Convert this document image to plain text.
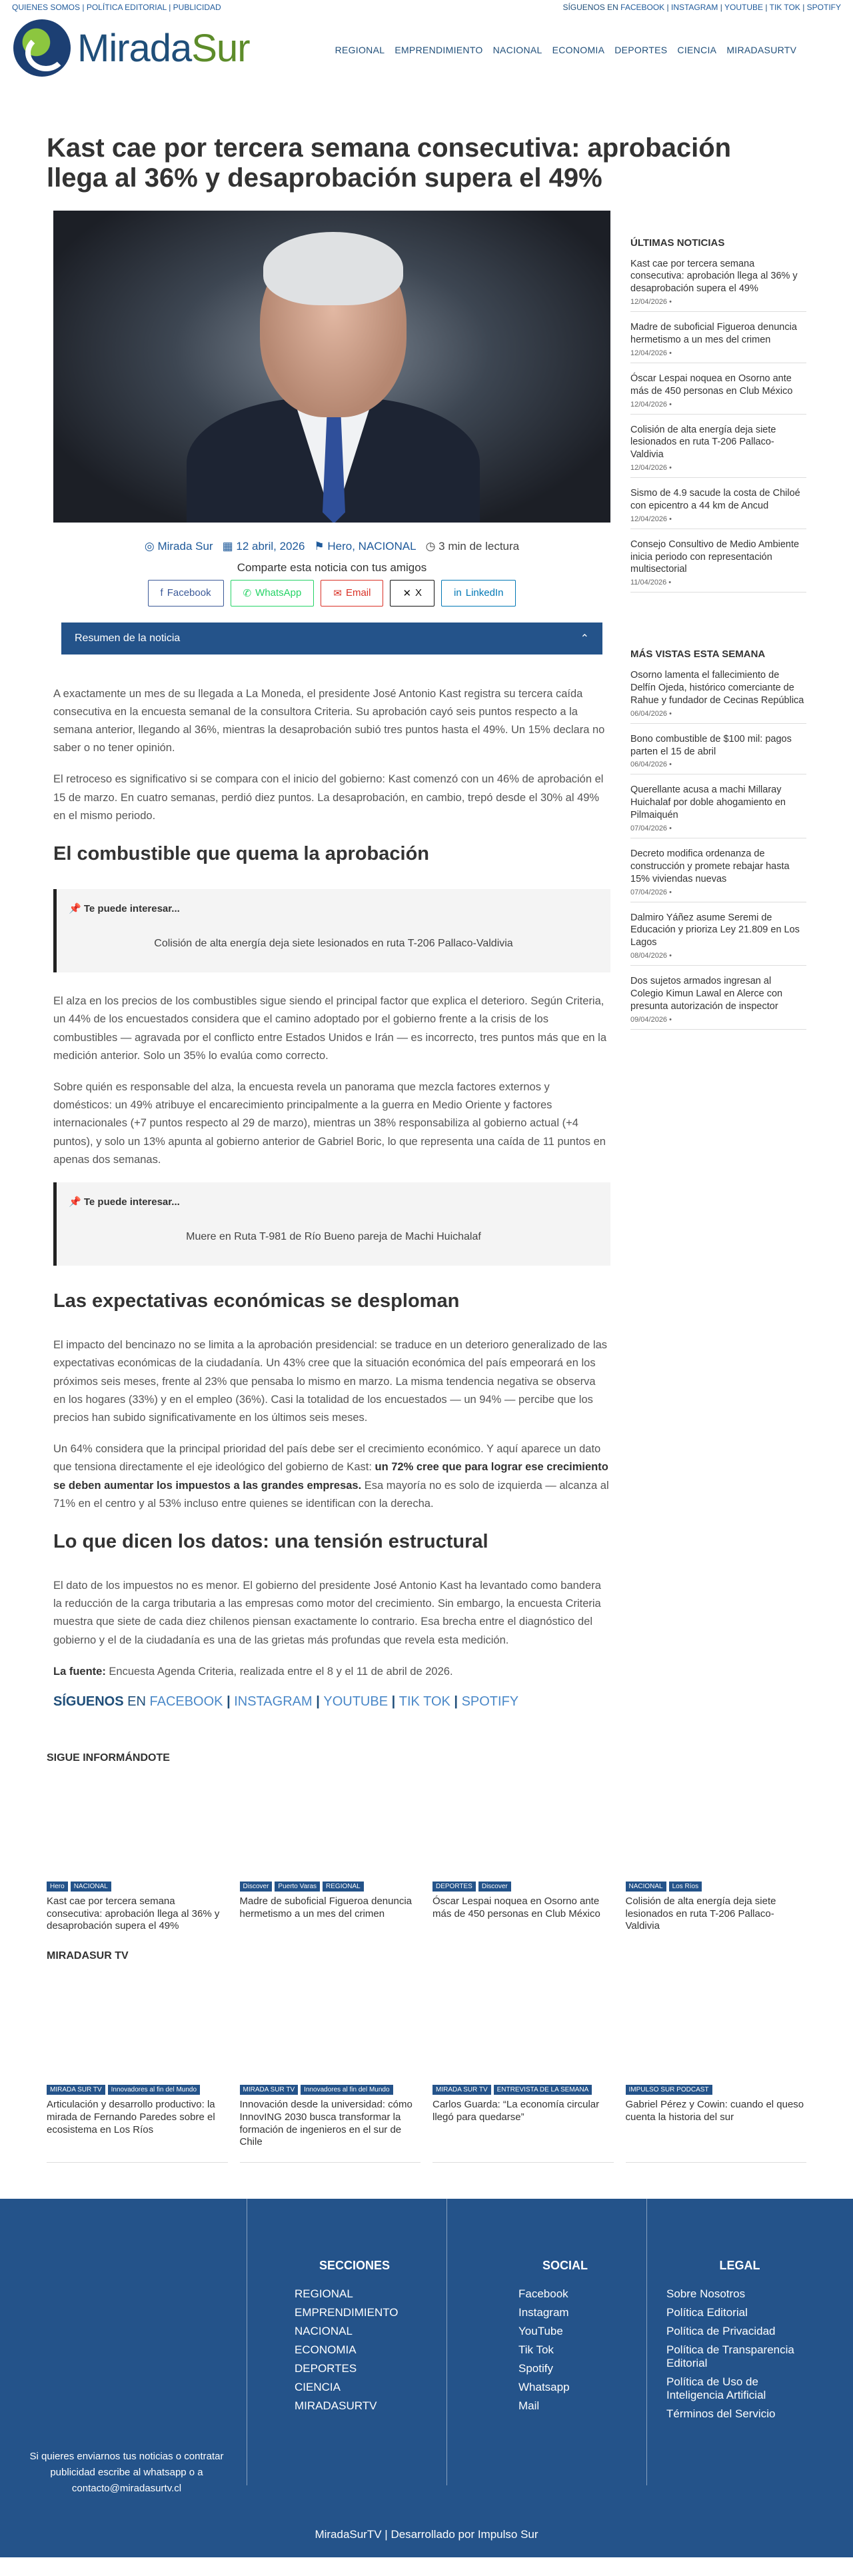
QUIENES SOMOS | POLÍTICA EDITORIAL | PUBLICIDAD	SÍGUENOS EN FACEBOOK | INSTAGRAM | YOUTUBE | TIK TOK | SPOTIFY
MiradaSur	REGIONAL EMPRENDIMIENTO NACIONAL ECONOMIA DEPORTES CIENCIA MIRADASURTV
Kast cae por tercera semana consecutiva: aprobación llega al 36% y desaprobación supera el 49%
◎ Mirada Sur ▦ 12 abril, 2026 ⚑ Hero, NACIONAL ◷ 3 min de lectura
Comparte esta noticia con tus amigos
f Facebook	✆ WhatsApp	✉ Email	✕ X	in LinkedIn
Resumen de la noticia	⌃

A exactamente un mes de su llegada a La Moneda, el presidente José Antonio Kast registra su tercera caída consecutiva en la encuesta semanal de la consultora Criteria. Su aprobación cayó seis puntos respecto a la semana anterior, llegando al 36%, mientras la desaprobación subió tres puntos hasta el 49%. Un 15% declara no saber o no tener opinión.

El retroceso es significativo si se compara con el inicio del gobierno: Kast comenzó con un 46% de aprobación el 15 de marzo. En cuatro semanas, perdió diez puntos. La desaprobación, en cambio, trepó desde el 30% al 49% en el mismo periodo.

El combustible que quema la aprobación
📌 Te puede interesar...
Colisión de alta energía deja siete lesionados en ruta T-206 Pallaco-Valdivia

El alza en los precios de los combustibles sigue siendo el principal factor que explica el deterioro. Según Criteria, un 44% de los encuestados considera que el camino adoptado por el gobierno frente a la crisis de los combustibles — agravada por el conflicto entre Estados Unidos e Irán — es incorrecto, tres puntos más que en la medición anterior. Solo un 35% lo evalúa como correcto.

Sobre quién es responsable del alza, la encuesta revela un panorama que mezcla factores externos y domésticos: un 49% atribuye el encarecimiento principalmente a la guerra en Medio Oriente y factores internacionales (+7 puntos respecto al 29 de marzo), mientras un 38% responsabiliza al gobierno actual (+4 puntos), y solo un 13% apunta al gobierno anterior de Gabriel Boric, lo que representa una caída de 11 puntos en apenas dos semanas.

📌 Te puede interesar...
Muere en Ruta T-981 de Río Bueno pareja de Machi Huichalaf
Las expectativas económicas se desploman

El impacto del bencinazo no se limita a la aprobación presidencial: se traduce en un deterioro generalizado de las expectativas económicas de la ciudadanía. Un 43% cree que la situación económica del país empeorará en los próximos seis meses, frente al 23% que pensaba lo mismo en marzo. La misma tendencia negativa se observa en los hogares (33%) y en el empleo (36%). Casi la totalidad de los encuestados — un 94% — percibe que los precios han subido significativamente en los últimos seis meses.

Un 64% considera que la principal prioridad del país debe ser el crecimiento económico. Y aquí aparece un dato que tensiona directamente el eje ideológico del gobierno de Kast: un 72% cree que para lograr ese crecimiento se deben aumentar los impuestos a las grandes empresas. Esa mayoría no es solo de izquierda — alcanza al 71% en el centro y al 53% incluso entre quienes se identifican con la derecha.

Lo que dicen los datos: una tensión estructural

El dato de los impuestos no es menor. El gobierno del presidente José Antonio Kast ha levantado como bandera la reducción de la carga tributaria a las empresas como motor del crecimiento. Sin embargo, la encuesta Criteria muestra que siete de cada diez chilenos piensan exactamente lo contrario. Esa brecha entre el diagnóstico del gobierno y el de la ciudadanía es una de las grietas más profundas que revela esta medición.

La fuente: Encuesta Agenda Criteria, realizada entre el 8 y el 11 de abril de 2026.

SÍGUENOS EN FACEBOOK | INSTAGRAM | YOUTUBE | TIK TOK | SPOTIFY
ÚLTIMAS NOTICIAS
Kast cae por tercera semana consecutiva: aprobación llega al 36% y desaprobación supera el 49%
12/04/2026 •
Madre de suboficial Figueroa denuncia hermetismo a un mes del crimen
12/04/2026 •
Óscar Lespai noquea en Osorno ante más de 450 personas en Club México
12/04/2026 •
Colisión de alta energía deja siete lesionados en ruta T-206 Pallaco-Valdivia
12/04/2026 •
Sismo de 4.9 sacude la costa de Chiloé con epicentro a 44 km de Ancud
12/04/2026 •
Consejo Consultivo de Medio Ambiente inicia periodo con representación multisectorial
11/04/2026 •
MÁS VISTAS ESTA SEMANA
Osorno lamenta el fallecimiento de Delfín Ojeda, histórico comerciante de Rahue y fundador de Cecinas República
06/04/2026 •
Bono combustible de $100 mil: pagos parten el 15 de abril
06/04/2026 •
Querellante acusa a machi Millaray Huichalaf por doble ahogamiento en Pilmaiquén
07/04/2026 •
Decreto modifica ordenanza de construcción y promete rebajar hasta 15% viviendas nuevas
07/04/2026 •
Dalmiro Yáñez asume Seremi de Educación y prioriza Ley 21.809 en Los Lagos
08/04/2026 •
Dos sujetos armados ingresan al Colegio Kimun Lawal en Alerce con presunta autorización de inspector
09/04/2026 •
SIGUE INFORMÁNDOTE
Hero	NACIONAL
Kast cae por tercera semana consecutiva: aprobación llega al 36% y desaprobación supera el 49%
Discover	Puerto Varas	REGIONAL
Madre de suboficial Figueroa denuncia hermetismo a un mes del crimen
DEPORTES	Discover
Óscar Lespai noquea en Osorno ante más de 450 personas en Club México
NACIONAL	Los Ríos
Colisión de alta energía deja siete lesionados en ruta T-206 Pallaco-Valdivia
MIRADASUR TV
MIRADA SUR TV	Innovadores al fin del Mundo
Articulación y desarrollo productivo: la mirada de Fernando Paredes sobre el ecosistema en Los Ríos
MIRADA SUR TV	Innovadores al fin del Mundo
Innovación desde la universidad: cómo InnovING 2030 busca transformar la formación de ingenieros en el sur de Chile
MIRADA SUR TV	ENTREVISTA DE LA SEMANA
Carlos Guarda: “La economía circular llegó para quedarse”
IMPULSO SUR PODCAST
Gabriel Pérez y Cowin: cuando el queso cuenta la historia del sur
Si quieres enviarnos tus noticias o contratar publicidad escribe al whatsapp o a contacto@miradasurtv.cl
SECCIONES
REGIONAL
EMPRENDIMIENTO
NACIONAL
ECONOMIA
DEPORTES
CIENCIA
MIRADASURTV
SOCIAL
Facebook
Instagram
YouTube
Tik Tok
Spotify
Whatsapp
Mail
LEGAL
Sobre Nosotros
Política Editorial
Política de Privacidad
Política de Transparencia Editorial
Política de Uso de Inteligencia Artificial
Términos del Servicio
MiradaSurTV | Desarrollado por Impulso Sur
